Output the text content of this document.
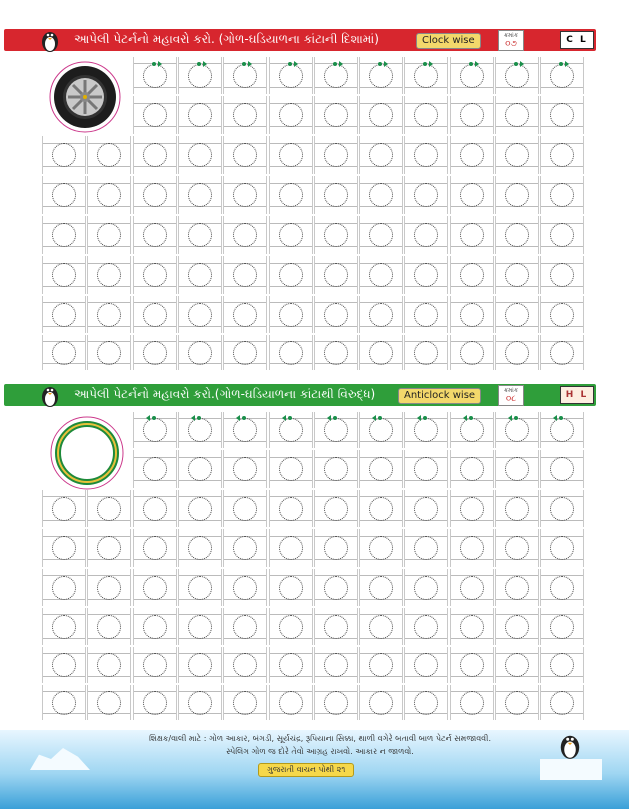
આપેલી પેટર્નનો મહાવરો કરો. (ગોળ-ઘડિયાળના કાંટાની દિશામાં)	Clock wise	ક્રમાંક
૦૭	C L
આપેલી પેટર્નનો મહાવરો કરો.(ગોળ-ઘડિયાળના કાંટાથી વિરુદ્ધ)	Anticlock wise	ક્રમાંક
૦૮	H L
શિક્ષક/વાલી માટે : ગોળ આકાર, બંગડી, સૂર્યચંદ્ર, રૂપિયાના સિક્કા, થાળી વગેરે બતાવી બાળ પેટર્ન સમજાવવી.
સ્પેલિંગ ગોળ જ દોરે તેવો આગ્રહ રાખવો. આકાર ન જાળવો.
ગુજરાતી વાચન પોથી ૨૧
